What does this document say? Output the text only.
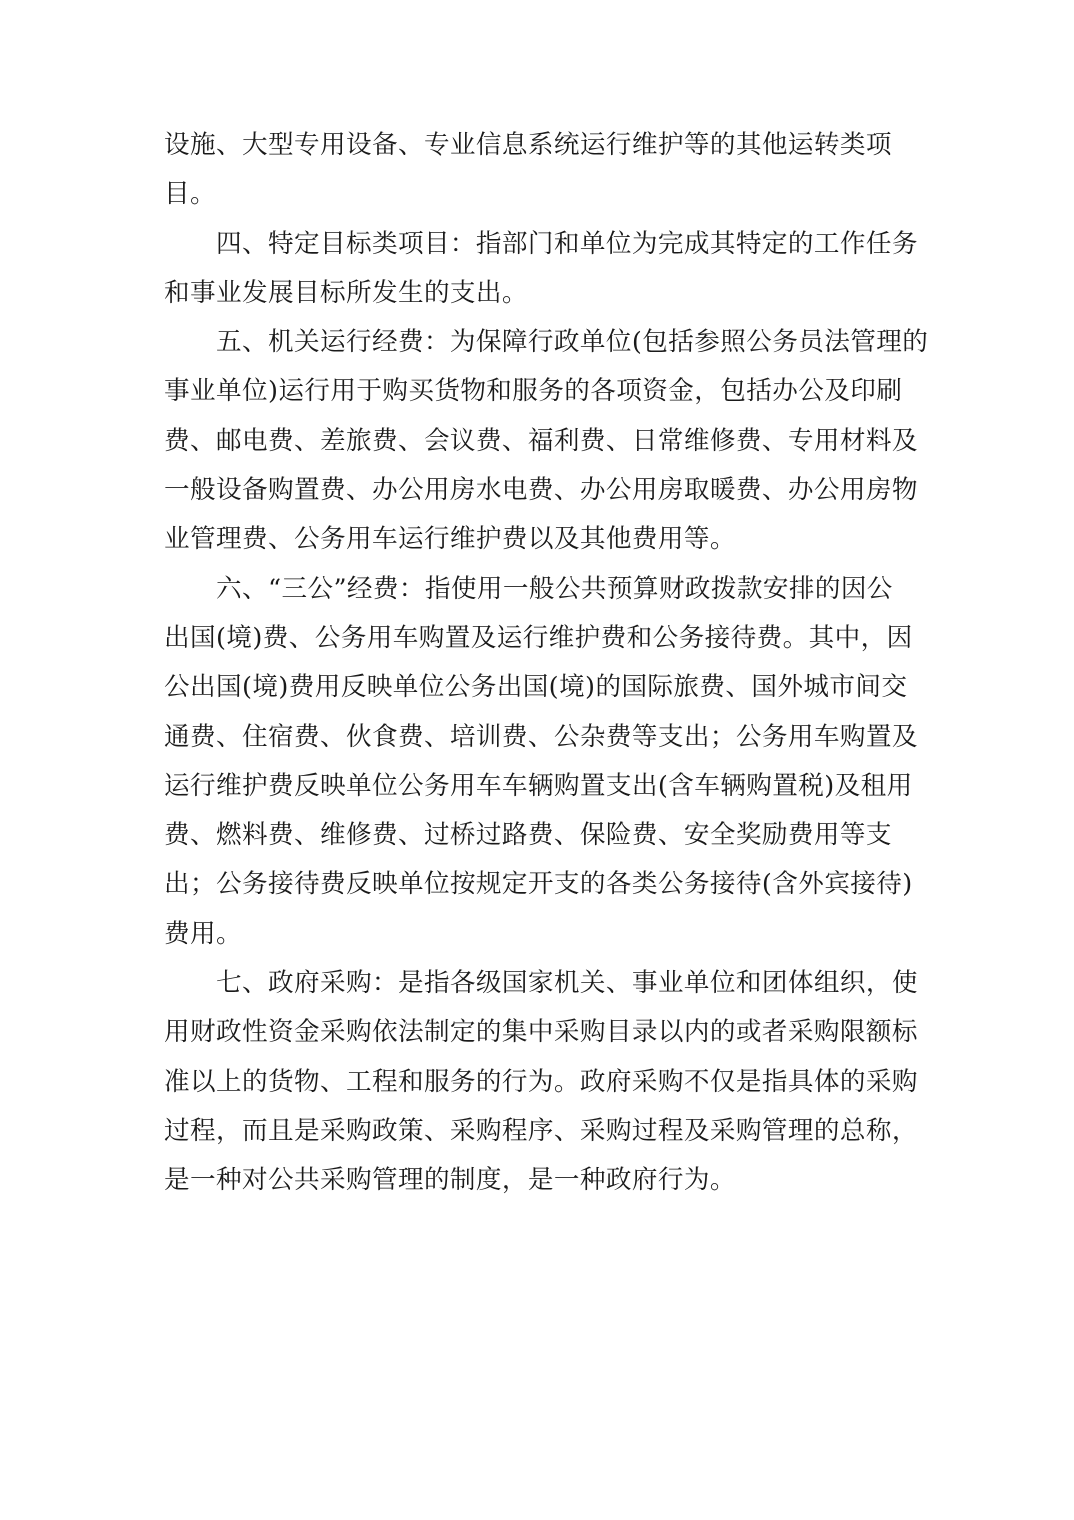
设施、大型专用设备、专业信息系统运行维护等的其他运转类项
目。
　　四、特定目标类项目：指部门和单位为完成其特定的工作任务
和事业发展目标所发生的支出。
　　五、机关运行经费：为保障行政单位(包括参照公务员法管理的
事业单位)运行用于购买货物和服务的各项资金，包括办公及印刷
费、邮电费、差旅费、会议费、福利费、日常维修费、专用材料及
一般设备购置费、办公用房水电费、办公用房取暖费、办公用房物
业管理费、公务用车运行维护费以及其他费用等。
　　六、“三公”经费：指使用一般公共预算财政拨款安排的因公
出国(境)费、公务用车购置及运行维护费和公务接待费。其中，因
公出国(境)费用反映单位公务出国(境)的国际旅费、国外城市间交
通费、住宿费、伙食费、培训费、公杂费等支出；公务用车购置及
运行维护费反映单位公务用车车辆购置支出(含车辆购置税)及租用
费、燃料费、维修费、过桥过路费、保险费、安全奖励费用等支
出；公务接待费反映单位按规定开支的各类公务接待(含外宾接待)
费用。
　　七、政府采购：是指各级国家机关、事业单位和团体组织，使
用财政性资金采购依法制定的集中采购目录以内的或者采购限额标
准以上的货物、工程和服务的行为。政府采购不仅是指具体的采购
过程，而且是采购政策、采购程序、采购过程及采购管理的总称，
是一种对公共采购管理的制度，是一种政府行为。
